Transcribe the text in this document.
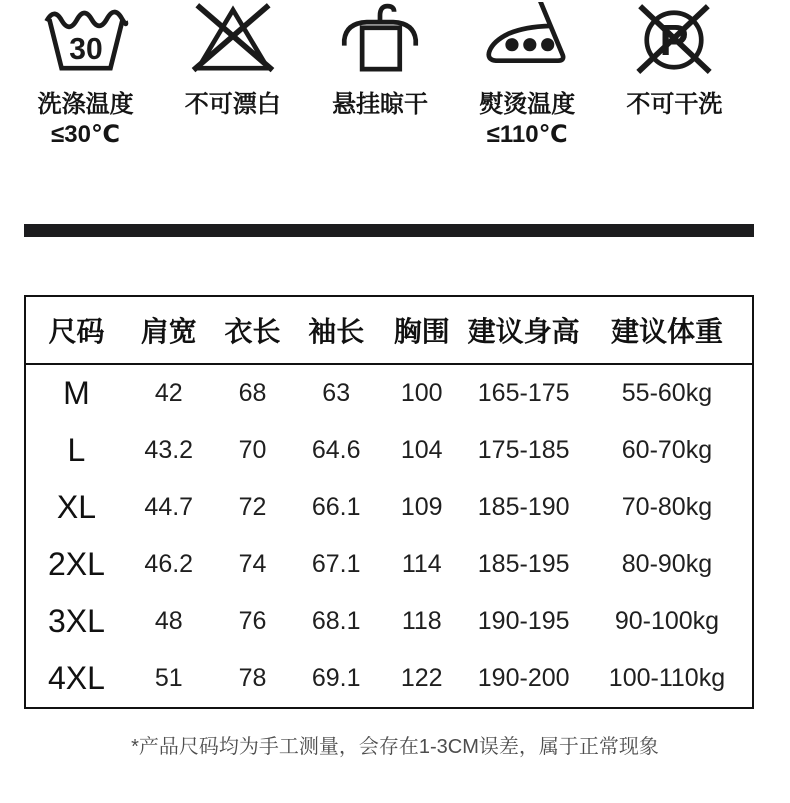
30
洗涤温度
≤30℃
不可漂白 悬挂晾干 熨烫温度
≤110℃
P
不可干洗
尺码	肩宽	衣长	袖长	胸围	建议身高	建议体重
M	42	68	63	100	165-175	55-60kg
L	43.2	70	64.6	104	175-185	60-70kg
XL	44.7	72	66.1	109	185-190	70-80kg
2XL	46.2	74	67.1	114	185-195	80-90kg
3XL	48	76	68.1	118	190-195	90-100kg
4XL	51	78	69.1	122	190-200	100-110kg
*产品尺码均为手工测量，会存在1-3CM误差，属于正常现象
